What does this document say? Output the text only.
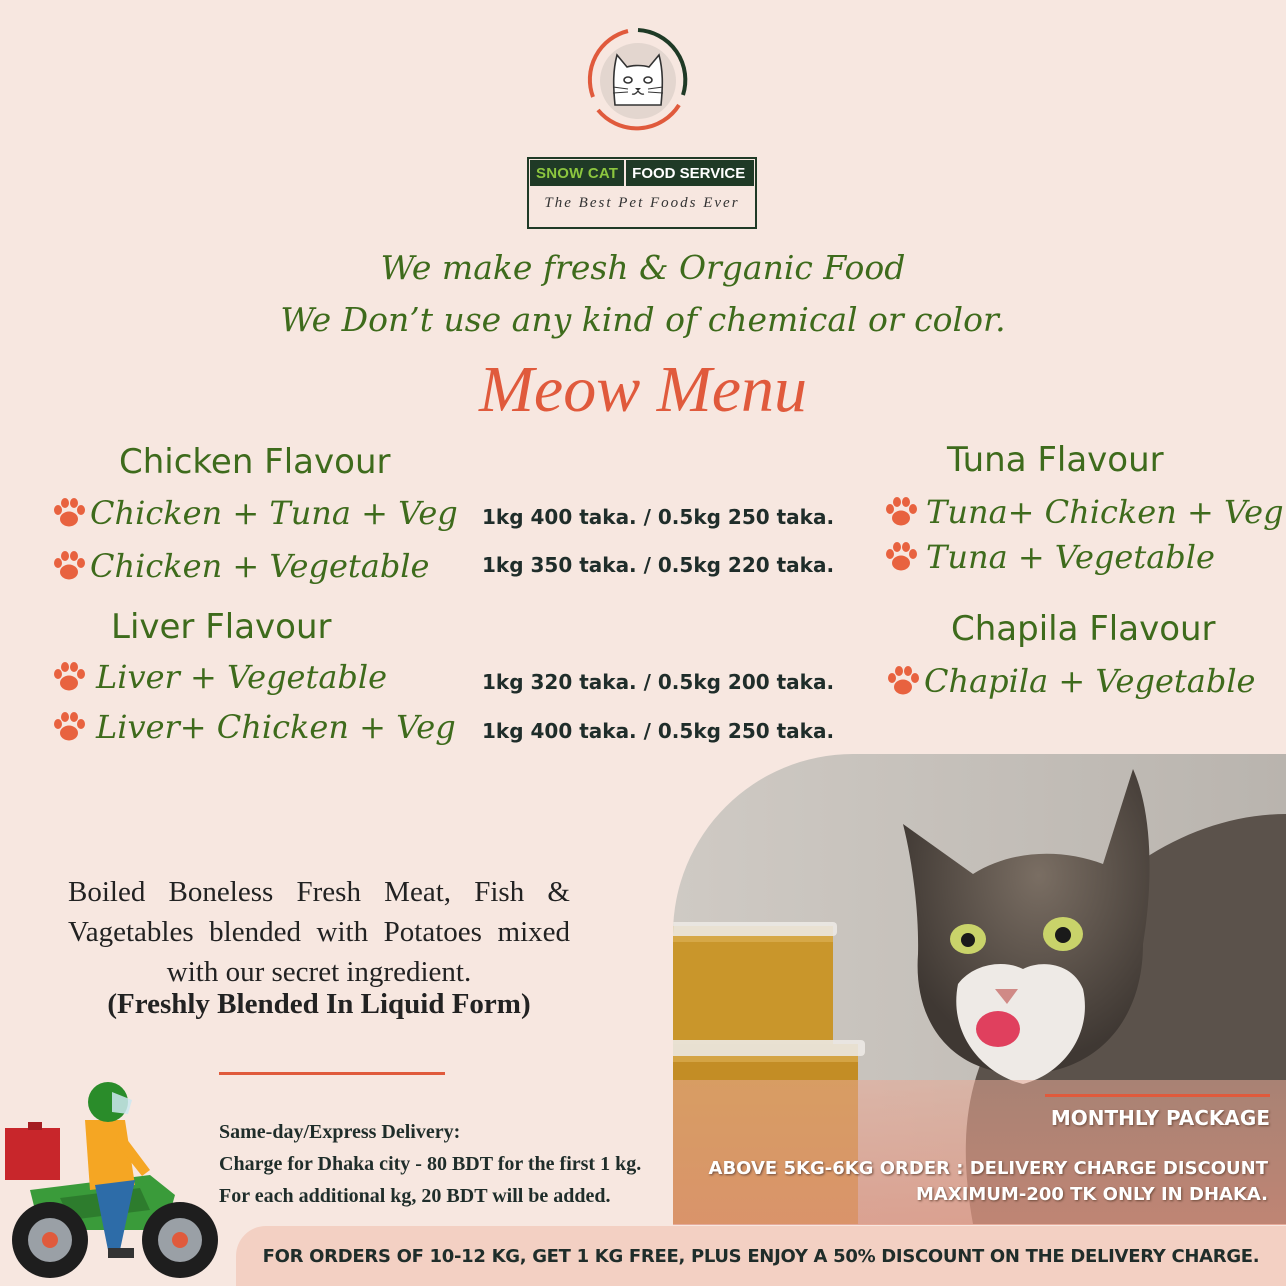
SNOW CAT FOOD SERVICE
The Best Pet Foods Ever
We make fresh & Organic Food
We Don’t use any kind of chemical or color.
Meow Menu
Chicken Flavour
Chicken + Tuna + Veg 1kg 400 taka. / 0.5kg 250 taka.
Chicken + Vegetable	1kg 350 taka. / 0.5kg 220 taka.
Liver Flavour
Liver + Vegetable	1kg 320 taka. / 0.5kg 200 taka.
Liver+ Chicken + Veg 1kg 400 taka. / 0.5kg 250 taka.
Tuna Flavour
Tuna+ Chicken + Veg
Tuna + Vegetable
Chapila Flavour
Chapila + Vegetable
Boiled Boneless Fresh Meat, Fish & Vagetables blended with Potatoes mixed with our secret ingredient.
(Freshly Blended In Liquid Form)
Same-day/Express Delivery:
Charge for Dhaka city - 80 BDT for the first 1 kg.
For each additional kg, 20 BDT will be added.
MONTHLY PACKAGE
ABOVE 5KG-6KG ORDER : DELIVERY CHARGE DISCOUNT
MAXIMUM-200 TK ONLY IN DHAKA.
FOR ORDERS OF 10-12 KG, GET 1 KG FREE, PLUS ENJOY A 50% DISCOUNT ON THE DELIVERY CHARGE.
